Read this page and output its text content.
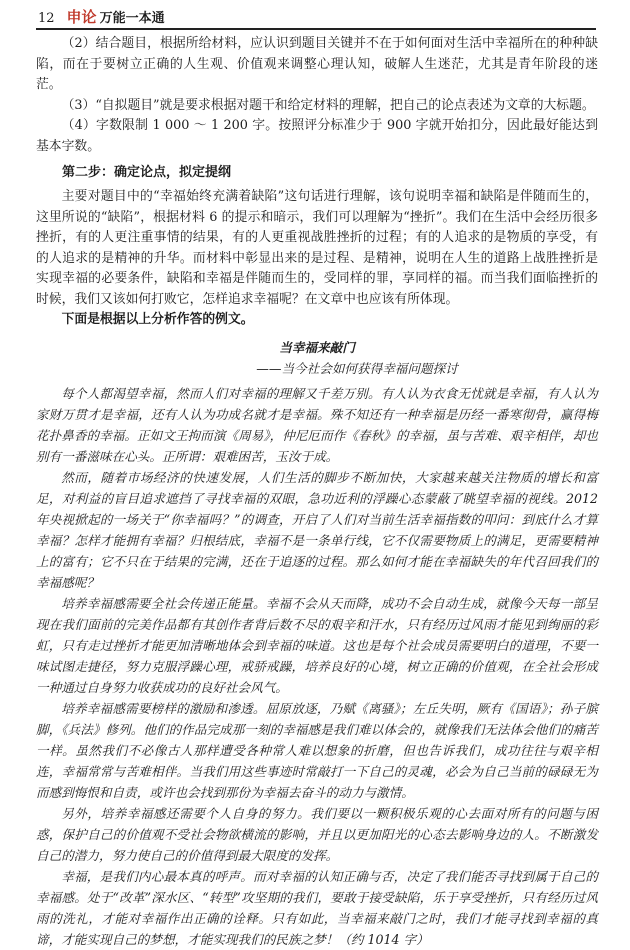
12 申论 万能一本通

（2）结合题目，根据所给材料，应认识到题目关键并不在于如何面对生活中幸福所在的种种缺陷，而在于要树立正确的人生观、价值观来调整心理认知，破解人生迷茫，尤其是青年阶段的迷茫。

（3）“自拟题目”就是要求根据对题干和给定材料的理解，把自己的论点表述为文章的大标题。

（4）字数限制 1 000 ～ 1 200 字。按照评分标准少于 900 字就开始扣分，因此最好能达到基本字数。

第二步：确定论点，拟定提纲

主要对题目中的“幸福始终充满着缺陷”这句话进行理解，该句说明幸福和缺陷是伴随而生的，这里所说的“缺陷”，根据材料 6 的提示和暗示，我们可以理解为“挫折”。我们在生活中会经历很多挫折，有的人更注重事情的结果，有的人更重视战胜挫折的过程；有的人追求的是物质的享受，有的人追求的是精神的升华。而材料中彰显出来的是过程、是精神，说明在人生的道路上战胜挫折是实现幸福的必要条件，缺陷和幸福是伴随而生的，受同样的罪，享同样的福。而当我们面临挫折的时候，我们又该如何打败它，怎样追求幸福呢？在文章中也应该有所体现。

下面是根据以上分析作答的例文。

当幸福来敲门

——当今社会如何获得幸福问题探讨

每个人都渴望幸福，然而人们对幸福的理解又千差万别。有人认为衣食无忧就是幸福，有人认为家财万贯才是幸福，还有人认为功成名就才是幸福。殊不知还有一种幸福是历经一番寒彻骨，赢得梅花扑鼻香的幸福。正如文王拘而演《周易》，仲尼厄而作《春秋》的幸福，虽与苦难、艰辛相伴，却也别有一番滋味在心头。正所谓：艰难困苦，玉汝于成。

然而，随着市场经济的快速发展，人们生活的脚步不断加快，大家越来越关注物质的增长和富足，对利益的盲目追求遮挡了寻找幸福的双眼，急功近利的浮躁心态蒙蔽了眺望幸福的视线。2012 年央视掀起的一场关于“你幸福吗？”的调查，开启了人们对当前生活幸福指数的叩问：到底什么才算幸福？怎样才能拥有幸福？归根结底，幸福不是一条单行线，它不仅需要物质上的满足，更需要精神上的富有；它不只在于结果的完满，还在于追逐的过程。那么如何才能在幸福缺失的年代召回我们的幸福感呢？

培养幸福感需要全社会传递正能量。幸福不会从天而降，成功不会自动生成，就像今天每一部呈现在我们面前的完美作品都有其创作者背后数不尽的艰辛和汗水，只有经历过风雨才能见到绚丽的彩虹，只有走过挫折才能更加清晰地体会到幸福的味道。这也是每个社会成员需要明白的道理，不要一味试图走捷径，努力克服浮躁心理，戒骄戒躁，培养良好的心境，树立正确的价值观，在全社会形成一种通过自身努力收获成功的良好社会风气。

培养幸福感需要榜样的激励和渗透。屈原放逐，乃赋《离骚》；左丘失明，厥有《国语》；孙子膑脚，《兵法》修列。他们的作品完成那一刻的幸福感是我们难以体会的，就像我们无法体会他们的痛苦一样。虽然我们不必像古人那样遭受各种常人难以想象的折磨，但也告诉我们，成功往往与艰辛相连，幸福常常与苦难相伴。当我们用这些事迹时常敲打一下自己的灵魂，必会为自己当前的碌碌无为而感到悔恨和自责，或许也会找到那份为幸福去奋斗的动力与激情。

另外，培养幸福感还需要个人自身的努力。我们要以一颗积极乐观的心去面对所有的问题与困惑，保护自己的价值观不受社会物欲横流的影响，并且以更加阳光的心态去影响身边的人。不断激发自己的潜力，努力使自己的价值得到最大限度的发挥。

幸福，是我们内心最本真的呼声。而对幸福的认知正确与否，决定了我们能否寻找到属于自己的幸福感。处于“改革”深水区、“转型”攻坚期的我们，要敢于接受缺陷，乐于享受挫折，只有经历过风雨的洗礼，才能对幸福作出正确的诠释。只有如此，当幸福来敲门之时，我们才能寻找到幸福的真谛，才能实现自己的梦想，才能实现我们的民族之梦！（约 1014 字）
